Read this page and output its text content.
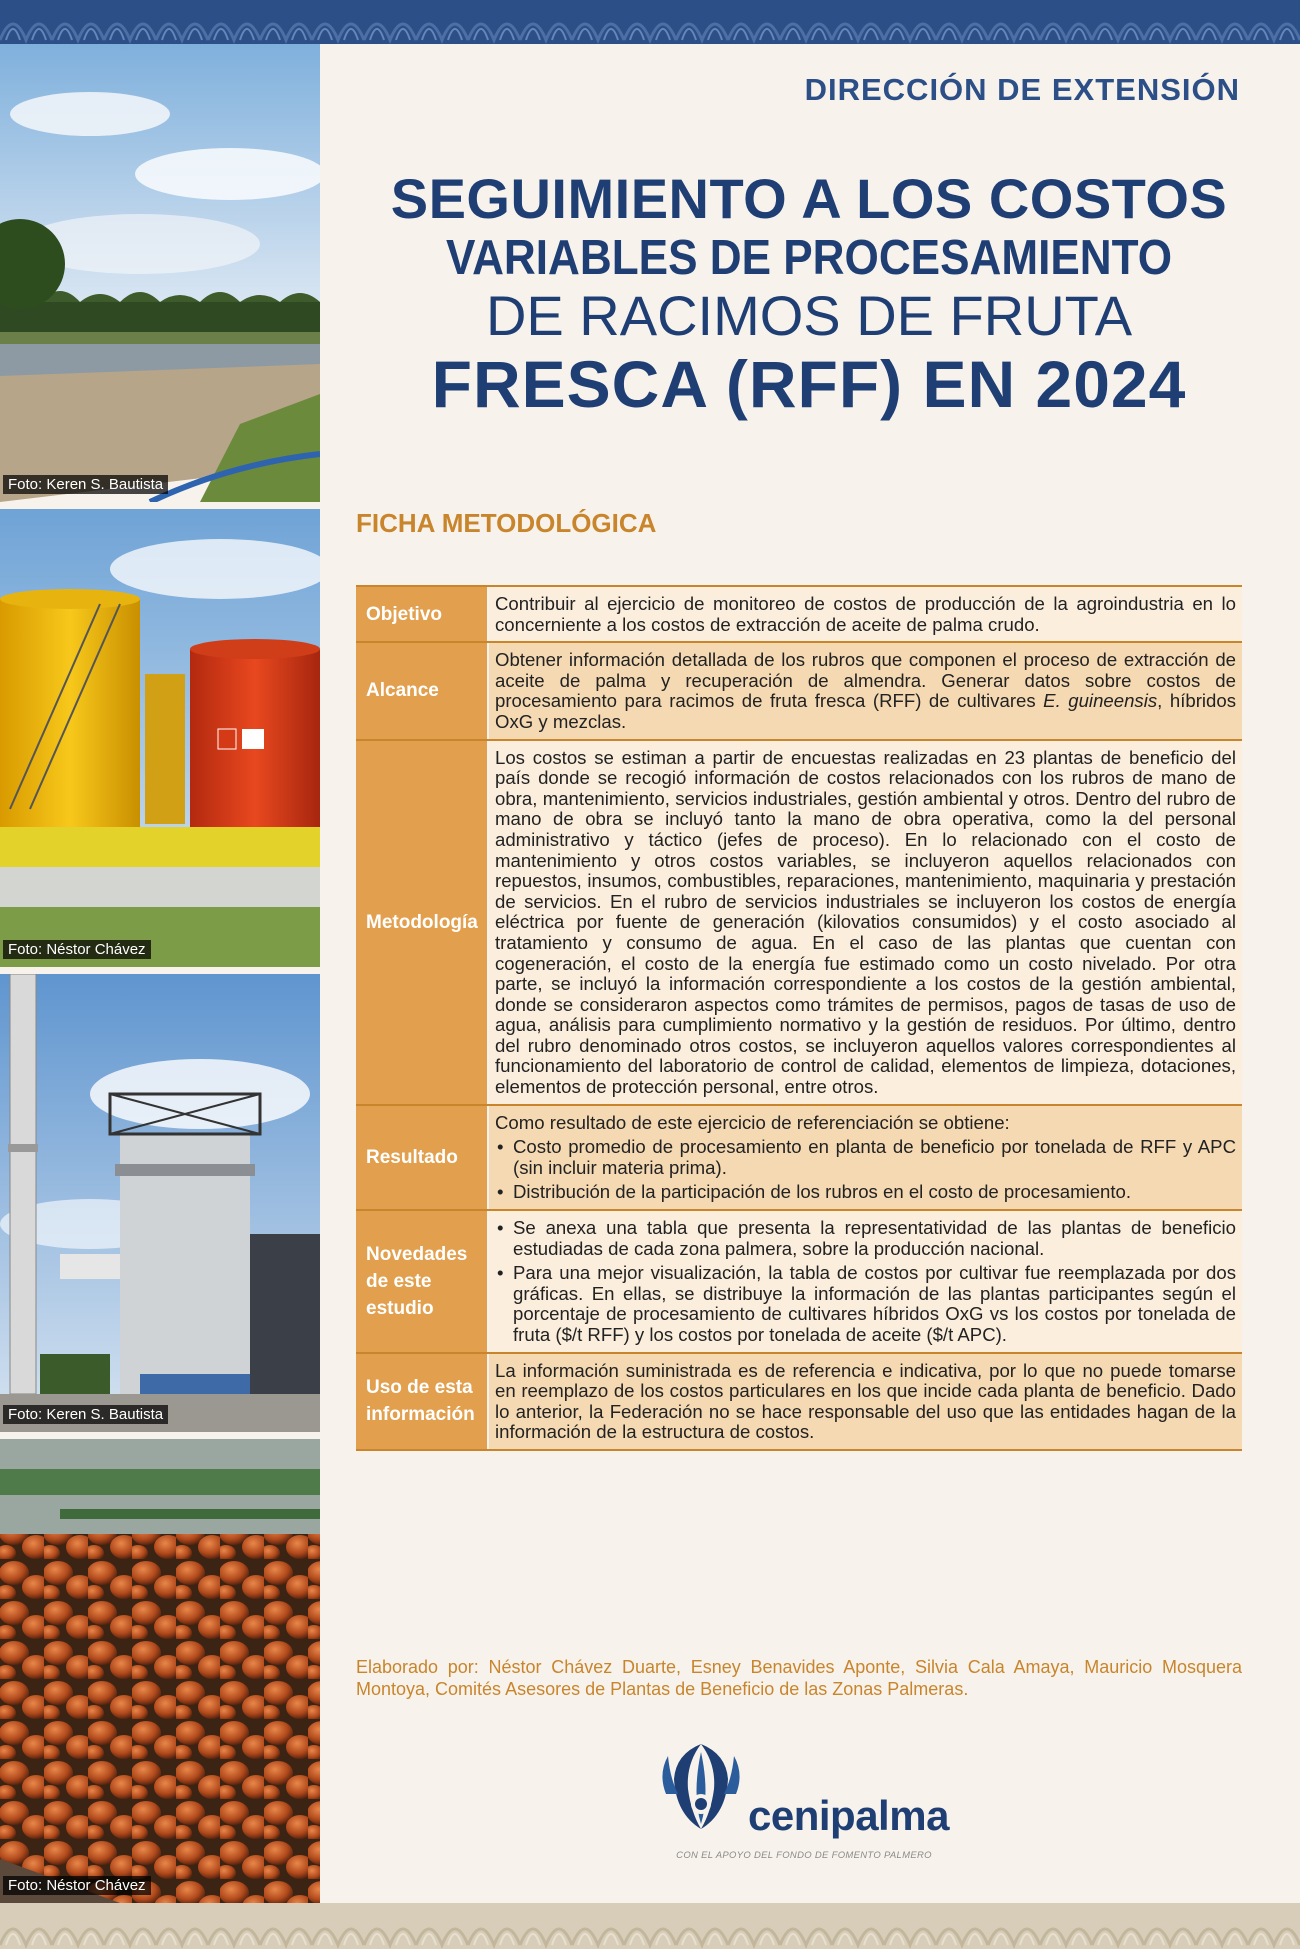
Foto: Keren S. Bautista
Foto: Néstor Chávez
Foto: Keren S. Bautista
Foto: Néstor Chávez
DIRECCIÓN DE EXTENSIÓN
SEGUIMIENTO A LOS COSTOS
VARIABLES DE PROCESAMIENTO
DE RACIMOS DE FRUTA
FRESCA (RFF) EN 2024
FICHA METODOLÓGICA
Objetivo
Contribuir al ejercicio de monitoreo de costos de producción de la agroindustria en lo concerniente a los costos de extracción de aceite de palma crudo.
Alcance
Obtener información detallada de los rubros que componen el proceso de extracción de aceite de palma y recuperación de almendra. Generar datos sobre costos de procesamiento para racimos de fruta fresca (RFF) de cultivares E. guineensis, híbridos OxG y mezclas.
Metodología
Los costos se estiman a partir de encuestas realizadas en 23 plantas de beneficio del país donde se recogió información de costos relacionados con los rubros de mano de obra, mantenimiento, servicios industriales, gestión ambiental y otros. Dentro del rubro de mano de obra se incluyó tanto la mano de obra operativa, como la del personal administrativo y táctico (jefes de proceso). En lo relacionado con el costo de mantenimiento y otros costos variables, se incluyeron aquellos relacionados con repuestos, insumos, combustibles, reparaciones, mantenimiento, maquinaria y prestación de servicios. En el rubro de servicios industriales se incluyeron los costos de energía eléctrica por fuente de generación (kilovatios consumidos) y el costo asociado al tratamiento y consumo de agua. En el caso de las plantas que cuentan con cogeneración, el costo de la energía fue estimado como un costo nivelado. Por otra parte, se incluyó la información correspondiente a los costos de la gestión ambiental, donde se consideraron aspectos como trámites de permisos, pagos de tasas de uso de agua, análisis para cumplimiento normativo y la gestión de residuos. Por último, dentro del rubro denominado otros costos, se incluyeron aquellos valores correspondientes al funcionamiento del laboratorio de control de calidad, elementos de limpieza, dotaciones, elementos de protección personal, entre otros.
Resultado
Como resultado de este ejercicio de referenciación se obtiene:
• Costo promedio de procesamiento en planta de beneficio por tonelada de RFF y APC (sin incluir materia prima).
• Distribución de la participación de los rubros en el costo de procesamiento.
Novedades de este estudio
• Se anexa una tabla que presenta la representatividad de las plantas de beneficio estudiadas de cada zona palmera, sobre la producción nacional.
• Para una mejor visualización, la tabla de costos por cultivar fue reemplazada por dos gráficas. En ellas, se distribuye la información de las plantas participantes según el porcentaje de procesamiento de cultivares híbridos OxG vs los costos por tonelada de fruta ($/t RFF) y los costos por tonelada de aceite ($/t APC).
Uso de esta información
La información suministrada es de referencia e indicativa, por lo que no puede tomarse en reemplazo de los costos particulares en los que incide cada planta de beneficio. Dado lo anterior, la Federación no se hace responsable del uso que las entidades hagan de la información de la estructura de costos.
Elaborado por: Néstor Chávez Duarte, Esney Benavides Aponte, Silvia Cala Amaya, Mauricio Mosquera Montoya, Comités Asesores de Plantas de Beneficio de las Zonas Palmeras.
cenipalma
CON EL APOYO DEL FONDO DE FOMENTO PALMERO
